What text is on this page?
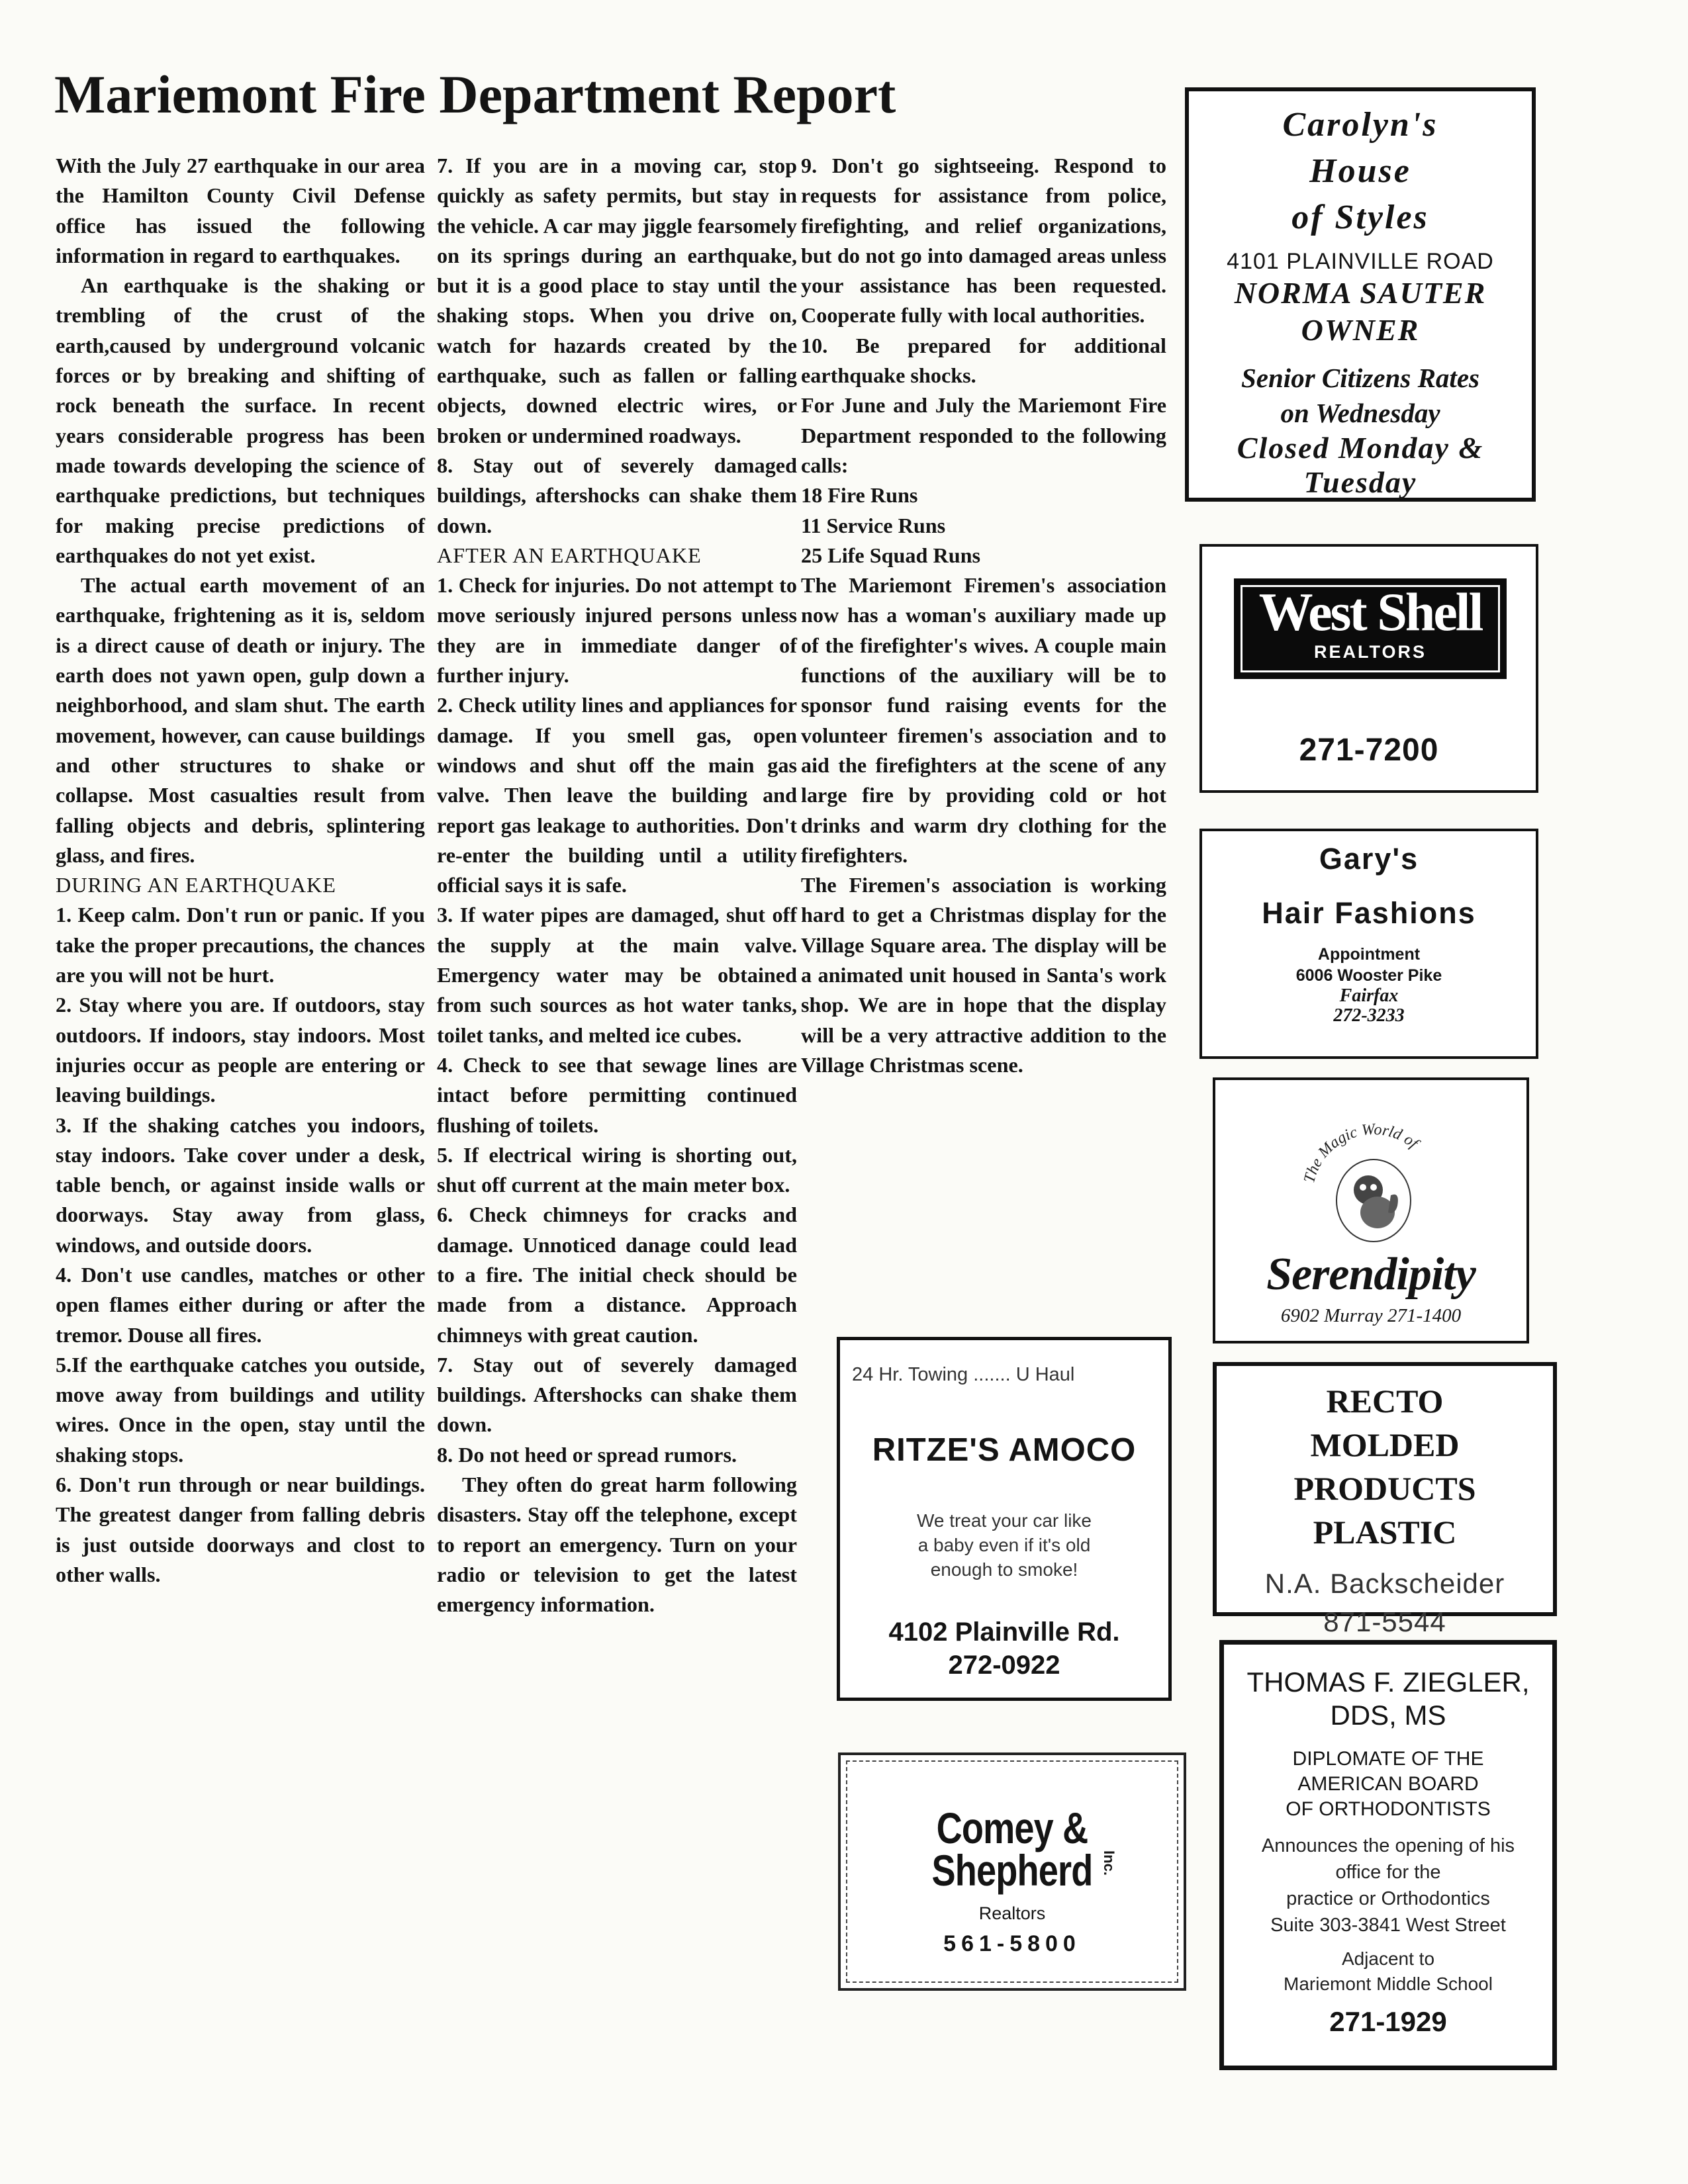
Mariemont Fire Department Report

With the July 27 earthquake in our area the Hamilton County Civil Defense office has issued the following information in regard to earthquakes.

An earthquake is the shaking or trembling of the crust of the earth,caused by underground volcanic forces or by breaking and shifting of rock beneath the surface. In recent years considerable progress has been made towards developing the science of earthquake predictions, but techniques for making precise predictions of earthquakes do not yet exist.

The actual earth movement of an earthquake, frightening as it is, seldom is a direct cause of death or injury. The earth does not yawn open, gulp down a neighborhood, and slam shut. The earth movement, however, can cause buildings and other structures to shake or collapse. Most casualties result from falling objects and debris, splintering glass, and fires.

DURING AN EARTHQUAKE

1. Keep calm. Don't run or panic. If you take the proper precautions, the chances are you will not be hurt.

2. Stay where you are. If outdoors, stay outdoors. If indoors, stay indoors. Most injuries occur as people are entering or leaving buildings.

3. If the shaking catches you indoors, stay indoors. Take cover under a desk, table bench, or against inside walls or doorways. Stay away from glass, windows, and outside doors.

4. Don't use candles, matches or other open flames either during or after the tremor. Douse all fires.

5.If the earthquake catches you outside, move away from buildings and utility wires. Once in the open, stay until the shaking stops.

6. Don't run through or near buildings. The greatest danger from falling debris is just outside doorways and clost to other walls.

7. If you are in a moving car, stop quickly as safety permits, but stay in the vehicle. A car may jiggle fearsomely on its springs during an earthquake, but it is a good place to stay until the shaking stops. When you drive on, watch for hazards created by the earthquake, such as fallen or falling objects, downed electric wires, or broken or undermined roadways.

8. Stay out of severely damaged buildings, aftershocks can shake them down.

AFTER AN EARTHQUAKE

1. Check for injuries. Do not attempt to move seriously injured persons unless they are in immediate danger of further injury.

2. Check utility lines and appliances for damage. If you smell gas, open windows and shut off the main gas valve. Then leave the building and report gas leakage to authorities. Don't re-enter the building until a utility official says it is safe.

3. If water pipes are damaged, shut off the supply at the main valve. Emergency water may be obtained from such sources as hot water tanks, toilet tanks, and melted ice cubes.

4. Check to see that sewage lines are intact before permitting continued flushing of toilets.

5. If electrical wiring is shorting out, shut off current at the main meter box.

6. Check chimneys for cracks and damage. Unnoticed danage could lead to a fire. The initial check should be made from a distance. Approach chimneys with great caution.

7. Stay out of severely damaged buildings. Aftershocks can shake them down.

8. Do not heed or spread rumors.

They often do great harm following disasters. Stay off the telephone, except to report an emergency. Turn on your radio or television to get the latest emergency information.

9. Don't go sightseeing. Respond to requests for assistance from police, firefighting, and relief organizations, but do not go into damaged areas unless your assistance has been requested. Cooperate fully with local authorities.

10. Be prepared for additional earthquake shocks.

For June and July the Mariemont Fire Department responded to the following calls:

18 Fire Runs

11 Service Runs

25 Life Squad Runs

The Mariemont Firemen's association now has a woman's auxiliary made up of the firefighter's wives. A couple main functions of the auxiliary will be to sponsor fund raising events for the volunteer firemen's association and to aid the firefighters at the scene of any large fire by providing cold or hot drinks and warm dry clothing for the firefighters.

The Firemen's association is working hard to get a Christmas display for the Village Square area. The display will be a animated unit housed in Santa's work shop. We are in hope that the display will be a very attractive addition to the Village Christmas scene.

Carolyn's
House
of Styles
4101 PLAINVILLE ROAD
NORMA SAUTER
OWNER
Senior Citizens Rates
on Wednesday
Closed Monday &
Tuesday
West Shell
REALTORS
271-7200
Gary's
Hair Fashions
Appointment
6006 Wooster Pike
Fairfax
272-3233
The Magic World of
Serendipity
6902 Murray 271-1400
RECTO
MOLDED PRODUCTS
PLASTIC
N.A. Backscheider
871-5544
THOMAS F. ZIEGLER,
DDS, MS
DIPLOMATE OF THE
AMERICAN BOARD
OF ORTHODONTISTS
Announces the opening of his
office for the
practice or Orthodontics
Suite 303-3841 West Street
Adjacent to
Mariemont Middle School
271-1929
24 Hr. Towing ....... U Haul
RITZE'S AMOCO
We treat your car like
a baby even if it's old
enough to smoke!
4102 Plainville Rd.
272-0922
Comey &
Shepherd Inc.
Realtors
561-5800
